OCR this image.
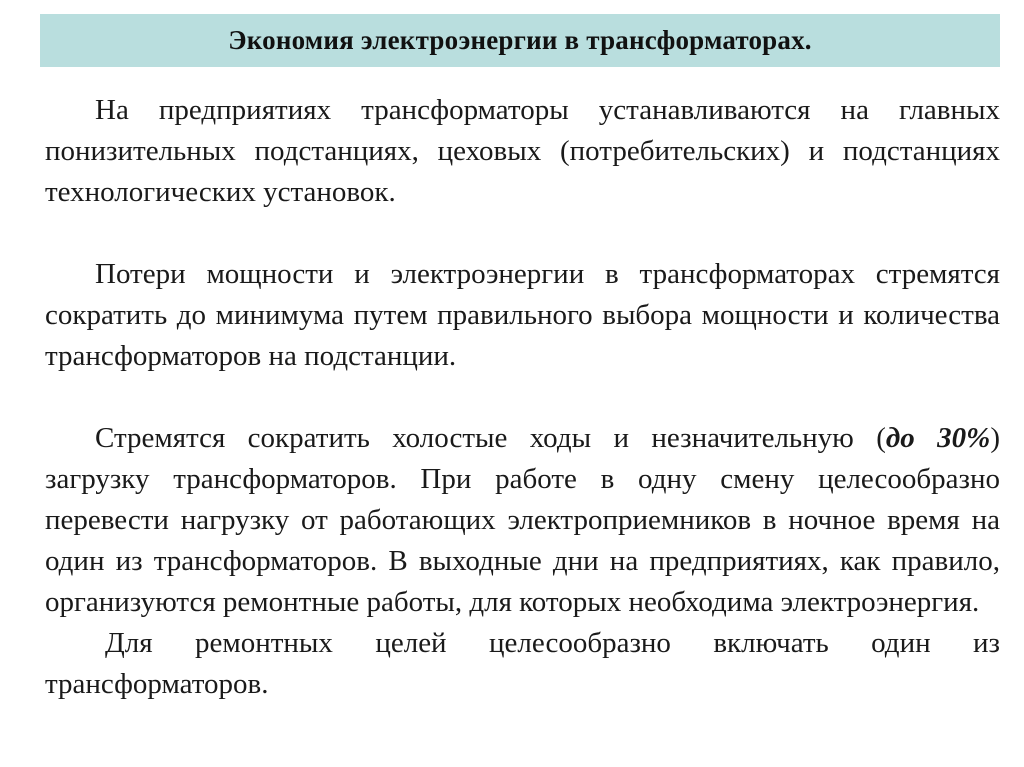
Экономия электроэнергии в трансформаторах.

На предприятиях трансформаторы устанавливаются на главных понизительных подстанциях, цеховых (потребительских) и подстанциях технологических установок.

Потери мощности и электроэнергии в трансформаторах стремятся сократить до минимума путем правильного выбора мощности и количества трансформаторов на подстанции.

Стремятся сократить холостые ходы и незначительную (до 30%) загрузку трансформаторов. При работе в одну смену целесообразно перевести нагрузку от работающих электроприемников в ночное время на один из трансформаторов. В выходные дни на предприятиях, как правило, организуются ремонтные работы, для которых необходима электроэнергия.

Для ремонтных целей целесообразно включать один из трансформаторов.
